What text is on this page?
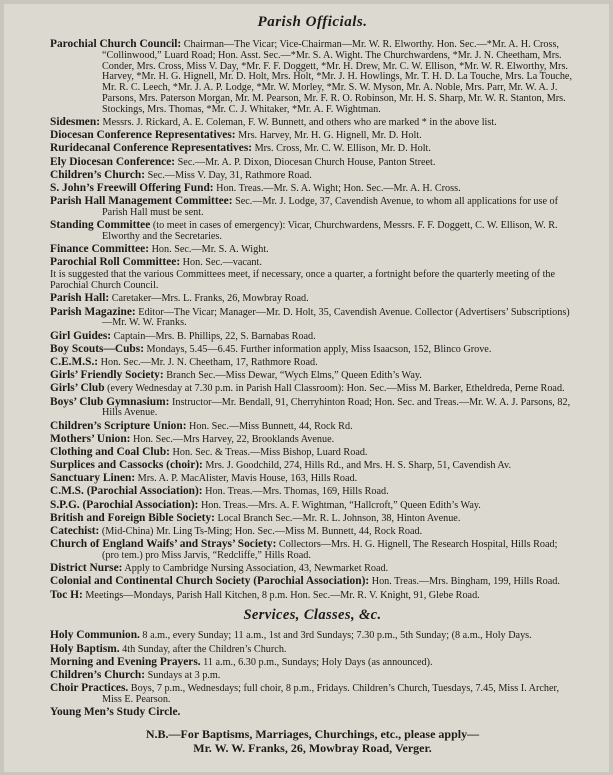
Parish Officials.
Parochial Church Council: Chairman—The Vicar; Vice-Chairman—Mr. W. R. Elworthy. Hon. Sec.—*Mr. A. H. Cross, “Collinwood,” Luard Road; Hon. Asst. Sec.—*Mr. S. A. Wight. The Churchwardens, *Mr. J. N. Cheetham, Mrs. Conder, Mrs. Cross, Miss V. Day, *Mr. F. F. Doggett, *Mr. H. Drew, Mr. C. W. Ellison, *Mr. W. R. Elworthy, Mrs. Harvey, *Mr. H. G. Hignell, Mr. D. Holt, Mrs. Holt, *Mr. J. H. Howlings, Mr. T. H. D. La Touche, Mrs. La Touche, Mr. R. C. Leech, *Mr. J. A. P. Lodge, *Mr. W. Morley, *Mr. S. W. Myson, Mr. A. Noble, Mrs. Parr, Mr. W. A. J. Parsons, Mrs. Paterson Morgan, Mr. M. Pearson, Mr. F. R. O. Robinson, Mr. H. S. Sharp, Mr. W. R. Stanton, Mrs. Stockings, Mrs. Thomas, *Mr. C. J. Whitaker, *Mr. A. F. Wightman.
Sidesmen: Messrs. J. Rickard, A. E. Coleman, F. W. Bunnett, and others who are marked * in the above list.
Diocesan Conference Representatives: Mrs. Harvey, Mr. H. G. Hignell, Mr. D. Holt.
Ruridecanal Conference Representatives: Mrs. Cross, Mr. C. W. Ellison, Mr. D. Holt.
Ely Diocesan Conference: Sec.—Mr. A. P. Dixon, Diocesan Church House, Panton Street.
Children’s Church: Sec.—Miss V. Day, 31, Rathmore Road.
S. John’s Freewill Offering Fund: Hon. Treas.—Mr. S. A. Wight; Hon. Sec.—Mr. A. H. Cross.
Parish Hall Management Committee: Sec.—Mr. J. Lodge, 37, Cavendish Avenue, to whom all applications for use of Parish Hall must be sent.
Standing Committee (to meet in cases of emergency): Vicar, Churchwardens, Messrs. F. F. Doggett, C. W. Ellison, W. R. Elworthy and the Secretaries.
Finance Committee: Hon. Sec.—Mr. S. A. Wight.
Parochial Roll Committee: Hon. Sec.—vacant.
It is suggested that the various Committees meet, if necessary, once a quarter, a fortnight before the quarterly meeting of the Parochial Church Council.
Parish Hall: Caretaker—Mrs. L. Franks, 26, Mowbray Road.
Parish Magazine: Editor—The Vicar; Manager—Mr. D. Holt, 35, Cavendish Avenue. Collector (Advertisers’ Subscriptions)—Mr. W. W. Franks.
Girl Guides: Captain—Mrs. B. Phillips, 22, S. Barnabas Road.
Boy Scouts—Cubs: Mondays, 5.45—6.45. Further information apply, Miss Isaacson, 152, Blinco Grove.
C.E.M.S.: Hon. Sec.—Mr. J. N. Cheetham, 17, Rathmore Road.
Girls’ Friendly Society: Branch Sec.—Miss Dewar, “Wych Elms,” Queen Edith’s Way.
Girls’ Club (every Wednesday at 7.30 p.m. in Parish Hall Classroom): Hon. Sec.—Miss M. Barker, Etheldreda, Perne Road.
Boys’ Club Gymnasium: Instructor—Mr. Bendall, 91, Cherryhinton Road; Hon. Sec. and Treas.—Mr. W. A. J. Parsons, 82, Hills Avenue.
Children’s Scripture Union: Hon. Sec.—Miss Bunnett, 44, Rock Rd.
Mothers’ Union: Hon. Sec.—Mrs Harvey, 22, Brooklands Avenue.
Clothing and Coal Club: Hon. Sec. & Treas.—Miss Bishop, Luard Road.
Surplices and Cassocks (choir): Mrs. J. Goodchild, 274, Hills Rd., and Mrs. H. S. Sharp, 51, Cavendish Av.
Sanctuary Linen: Mrs. A. P. MacAlister, Mavis House, 163, Hills Road.
C.M.S. (Parochial Association): Hon. Treas.—Mrs. Thomas, 169, Hills Road.
S.P.G. (Parochial Association): Hon. Treas.—Mrs. A. F. Wightman, “Hallcroft,” Queen Edith’s Way.
British and Foreign Bible Society: Local Branch Sec.—Mr. R. L. Johnson, 38, Hinton Avenue.
Catechist: (Mid-China) Mr. Ling Ts-Ming; Hon. Sec.—Miss M. Bunnett, 44, Rock Road.
Church of England Waifs’ and Strays’ Society: Collectors—Mrs. H. G. Hignell, The Research Hospital, Hills Road; (pro tem.) pro Miss Jarvis, “Redcliffe,” Hills Road.
District Nurse: Apply to Cambridge Nursing Association, 43, Newmarket Road.
Colonial and Continental Church Society (Parochial Association): Hon. Treas.—Mrs. Bingham, 199, Hills Road.
Toc H: Meetings—Mondays, Parish Hall Kitchen, 8 p.m. Hon. Sec.—Mr. R. V. Knight, 91, Glebe Road.
Services, Classes, &c.
Holy Communion. 8 a.m., every Sunday; 11 a.m., 1st and 3rd Sundays; 7.30 p.m., 5th Sunday; (8 a.m., Holy Days.
Holy Baptism. 4th Sunday, after the Children’s Church.
Morning and Evening Prayers. 11 a.m., 6.30 p.m., Sundays; Holy Days (as announced).
Children’s Church: Sundays at 3 p.m.
Choir Practices. Boys, 7 p.m., Wednesdays; full choir, 8 p.m., Fridays. Children’s Church, Tuesdays, 7.45, Miss I. Archer, Miss E. Pearson.
Young Men’s Study Circle.
N.B.—For Baptisms, Marriages, Churchings, etc., please apply—
Mr. W. W. Franks, 26, Mowbray Road, Verger.
